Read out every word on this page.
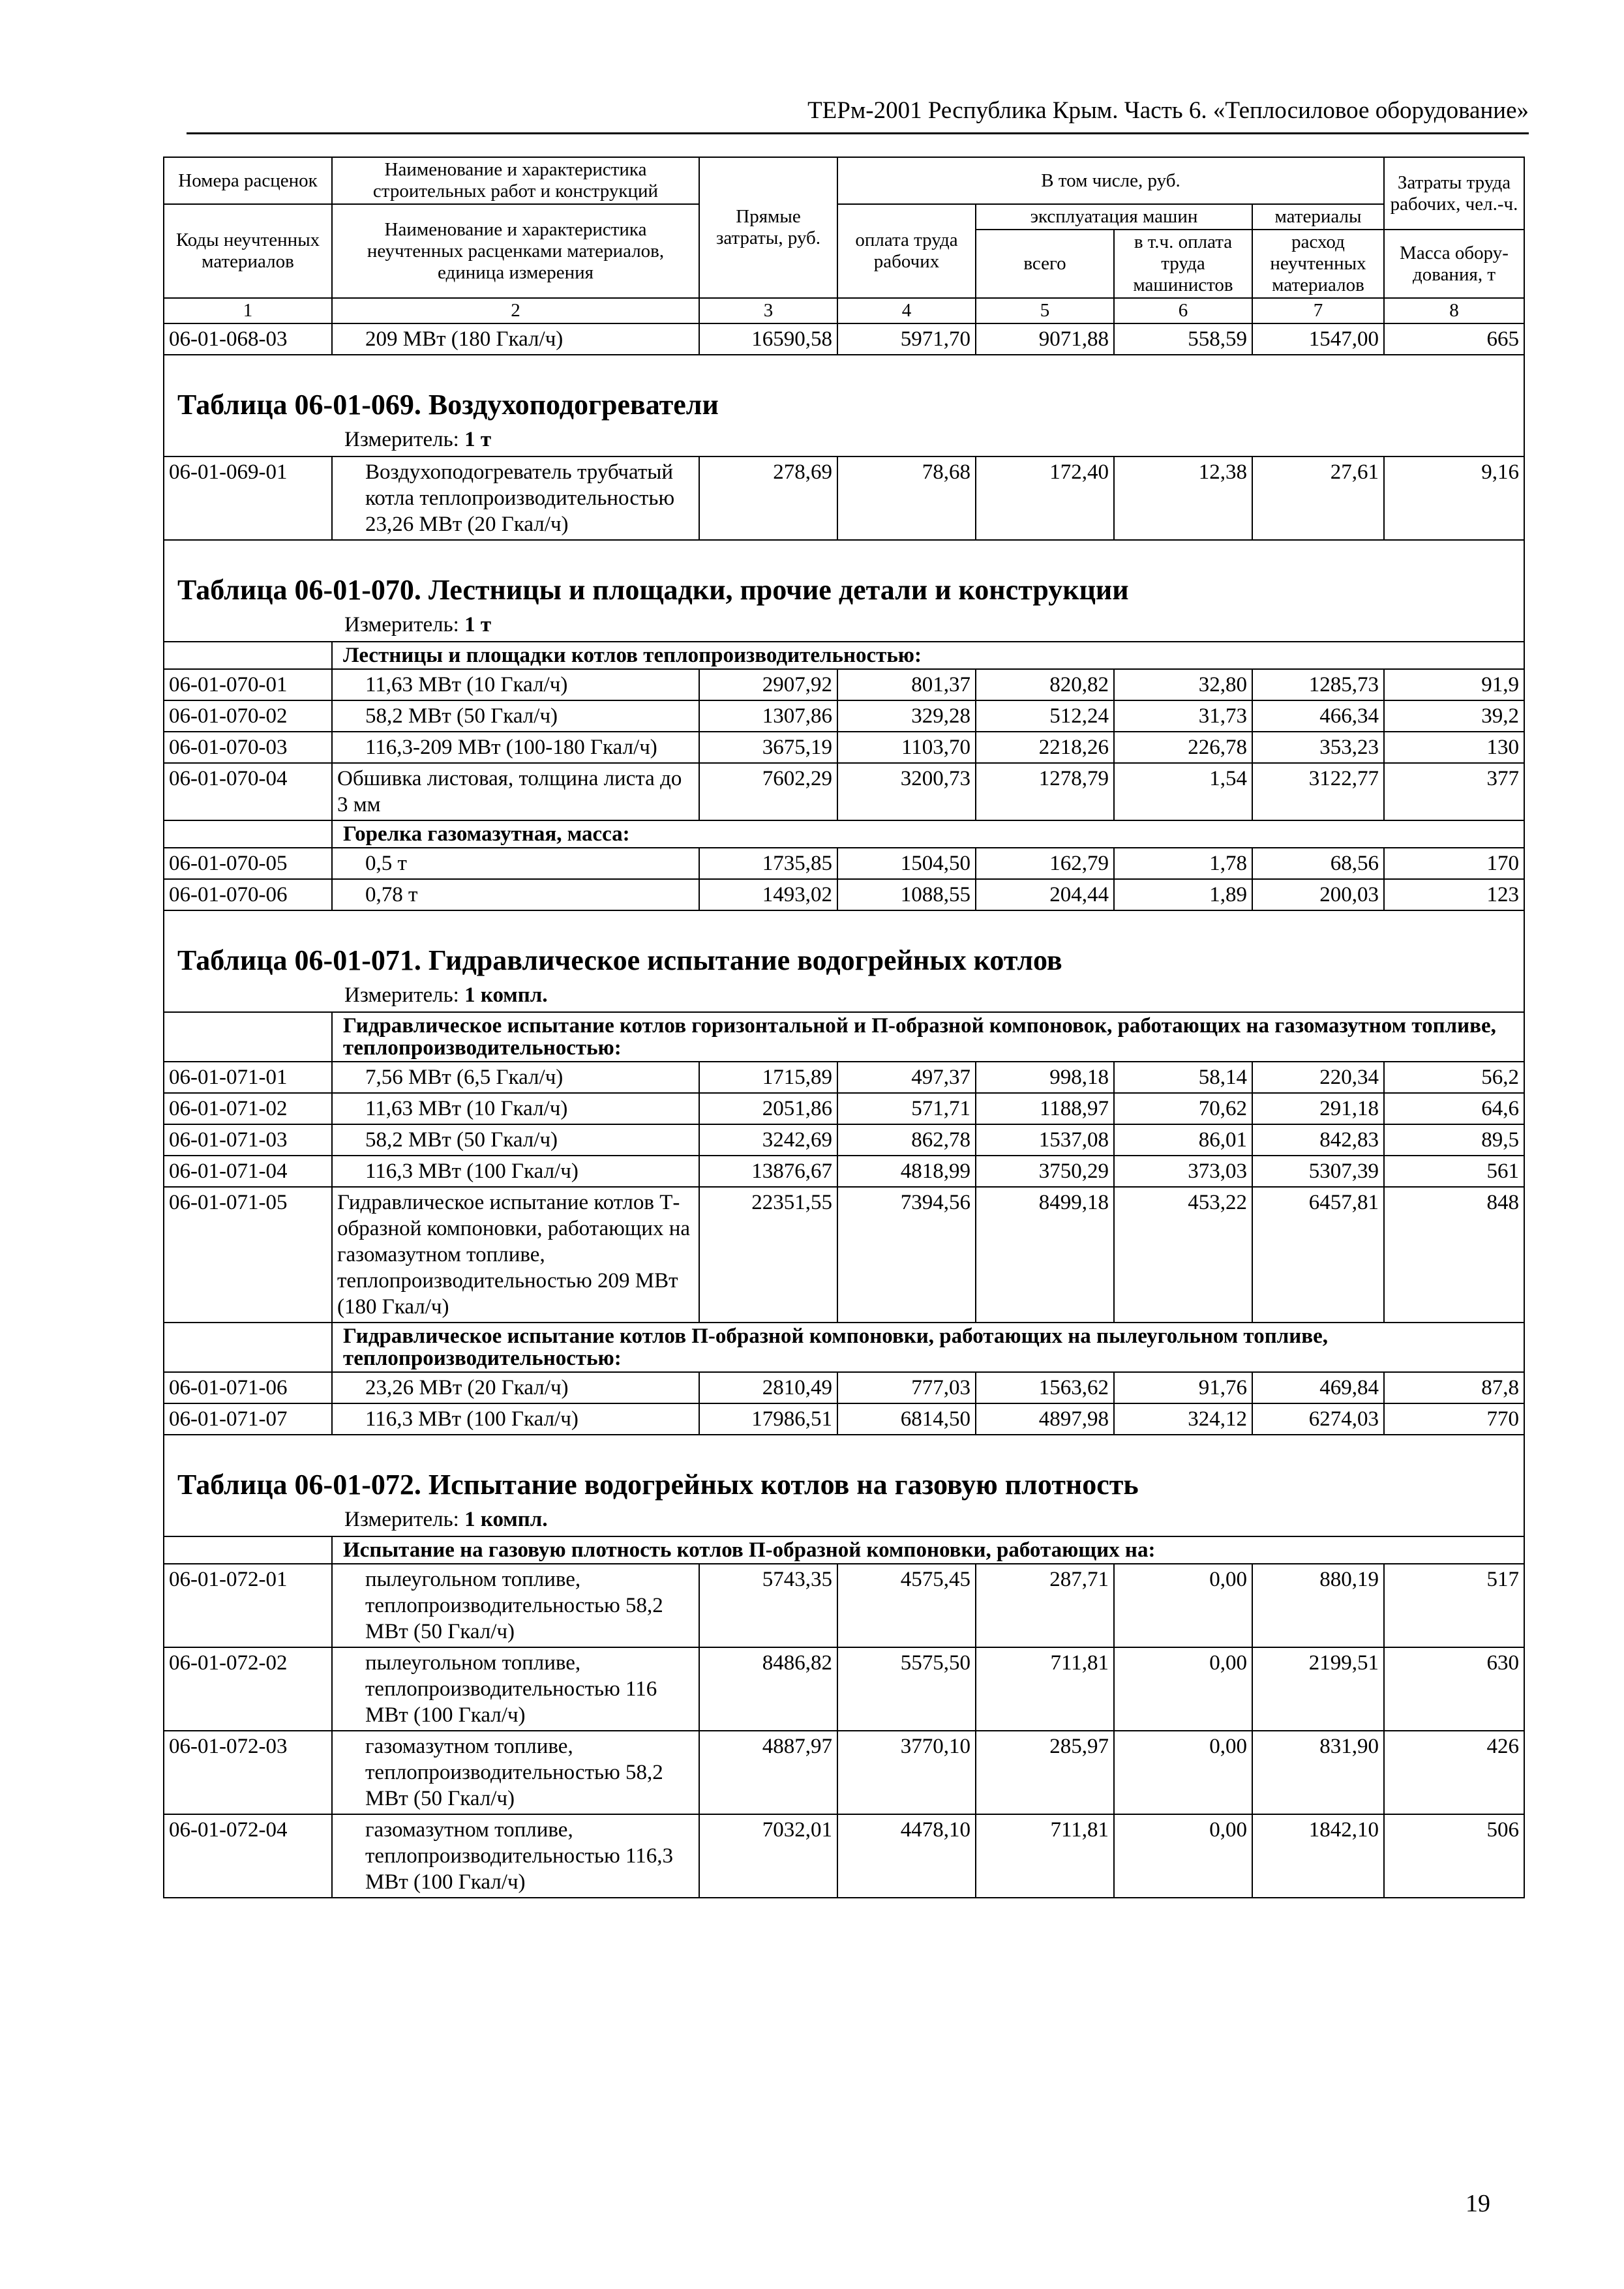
ТЕРм-2001 Республика Крым. Часть 6. «Теплосиловое оборудование»
Номера расценок	Наименование и характеристика строительных работ и конструкций	Прямые затраты, руб.	В том числе, руб.				Затраты труда рабочих, чел.-ч.
Коды неучтенных материалов	Наименование и характеристика неучтенных расценками материалов, единица измерения		оплата труда рабочих	эксплуатация машин		материалы	
				всего	в т.ч. оплата труда машинистов	расход неучтенных материалов	Масса обору-дования, т
1	2	3	4	5	6	7	8
06-01-068-03	209 МВт (180 Гкал/ч)	16590,58	5971,70	9071,88	558,59	1547,00	665

Таблица 06-01-069. Воздухоподогреватели							
Измеритель: 1 т							
06-01-069-01	Воздухоподогреватель трубчатый котла теплопроизводительностью 23,26 МВт (20 Гкал/ч)	278,69	78,68	172,40	12,38	27,61	9,16

Таблица 06-01-070. Лестницы и площадки, прочие детали и конструкции							
Измеритель: 1 т							
	Лестницы и площадки котлов теплопроизводительностью:						
06-01-070-01	11,63 МВт (10 Гкал/ч)	2907,92	801,37	820,82	32,80	1285,73	91,9
06-01-070-02	58,2 МВт (50 Гкал/ч)	1307,86	329,28	512,24	31,73	466,34	39,2
06-01-070-03	116,3-209 МВт (100-180 Гкал/ч)	3675,19	1103,70	2218,26	226,78	353,23	130
06-01-070-04	Обшивка листовая, толщина листа до 3 мм	7602,29	3200,73	1278,79	1,54	3122,77	377
	Горелка газомазутная, масса:						
06-01-070-05	0,5 т	1735,85	1504,50	162,79	1,78	68,56	170
06-01-070-06	0,78 т	1493,02	1088,55	204,44	1,89	200,03	123

Таблица 06-01-071. Гидравлическое испытание водогрейных котлов							
Измеритель: 1 компл.							
	Гидравлическое испытание котлов горизонтальной и П-образной компоновок, работающих на газомазутном топливе, теплопроизводительностью:						
06-01-071-01	7,56 МВт (6,5 Гкал/ч)	1715,89	497,37	998,18	58,14	220,34	56,2
06-01-071-02	11,63 МВт (10 Гкал/ч)	2051,86	571,71	1188,97	70,62	291,18	64,6
06-01-071-03	58,2 МВт (50 Гкал/ч)	3242,69	862,78	1537,08	86,01	842,83	89,5
06-01-071-04	116,3 МВт (100 Гкал/ч)	13876,67	4818,99	3750,29	373,03	5307,39	561
06-01-071-05	Гидравлическое испытание котлов Т-образной компоновки, работающих на газомазутном топливе, теплопроизводительностью 209 МВт (180 Гкал/ч)	22351,55	7394,56	8499,18	453,22	6457,81	848
	Гидравлическое испытание котлов П-образной компоновки, работающих на пылеугольном топливе, теплопроизводительностью:						
06-01-071-06	23,26 МВт (20 Гкал/ч)	2810,49	777,03	1563,62	91,76	469,84	87,8
06-01-071-07	116,3 МВт (100 Гкал/ч)	17986,51	6814,50	4897,98	324,12	6274,03	770

Таблица 06-01-072. Испытание водогрейных котлов на газовую плотность							
Измеритель: 1 компл.							
	Испытание на газовую плотность котлов П-образной компоновки, работающих на:						
06-01-072-01	пылеугольном топливе, теплопроизводительностью 58,2 МВт (50 Гкал/ч)	5743,35	4575,45	287,71	0,00	880,19	517
06-01-072-02	пылеугольном топливе, теплопроизводительностью 116 МВт (100 Гкал/ч)	8486,82	5575,50	711,81	0,00	2199,51	630
06-01-072-03	газомазутном топливе, теплопроизводительностью 58,2 МВт (50 Гкал/ч)	4887,97	3770,10	285,97	0,00	831,90	426
06-01-072-04	газомазутном топливе, теплопроизводительностью 116,3 МВт (100 Гкал/ч)	7032,01	4478,10	711,81	0,00	1842,10	506
19
